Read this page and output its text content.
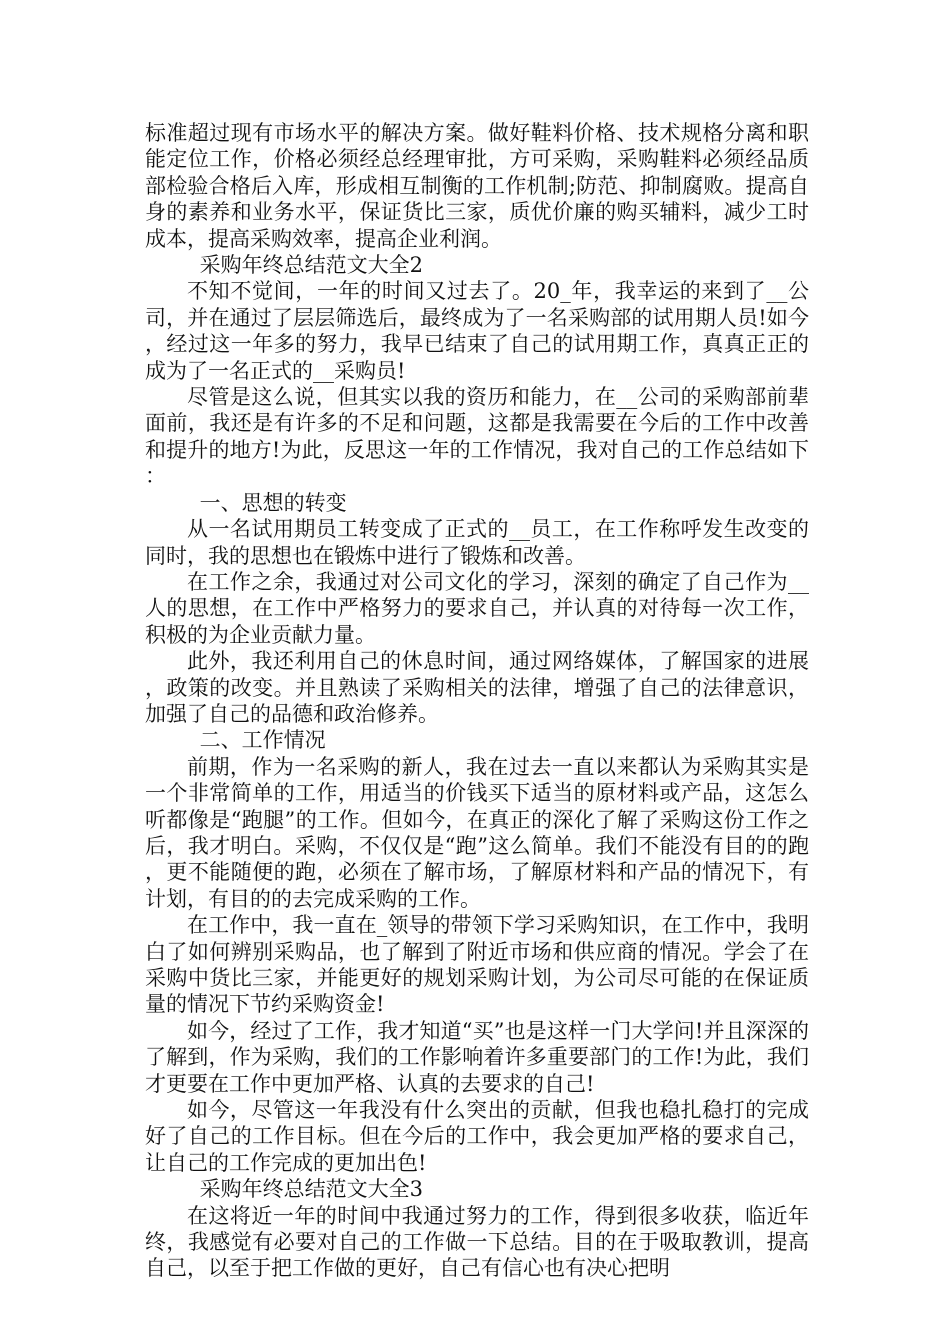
标准超过现有市场水平的解决方案。做好鞋料价格、技术规格分离和职能定位工作，价格必须经总经理审批，方可采购，采购鞋料必须经品质部检验合格后入库，形成相互制衡的工作机制;防范、抑制腐败。提高自身的素养和业务水平，保证货比三家，质优价廉的购买辅料，减少工时成本，提高采购效率，提高企业利润。

采购年终总结范文大全2

不知不觉间，一年的时间又过去了。20_年，我幸运的来到了__公司，并在通过了层层筛选后，最终成为了一名采购部的试用期人员!如今，经过这一年多的努力，我早已结束了自己的试用期工作，真真正正的成为了一名正式的__采购员!

尽管是这么说，但其实以我的资历和能力，在__公司的采购部前辈面前，我还是有许多的不足和问题，这都是我需要在今后的工作中改善和提升的地方!为此，反思这一年的工作情况，我对自己的工作总结如下：

一、思想的转变

从一名试用期员工转变成了正式的__员工，在工作称呼发生改变的同时，我的思想也在锻炼中进行了锻炼和改善。

在工作之余，我通过对公司文化的学习，深刻的确定了自己作为__人的思想，在工作中严格努力的要求自己，并认真的对待每一次工作，积极的为企业贡献力量。

此外，我还利用自己的休息时间，通过网络媒体，了解国家的进展，政策的改变。并且熟读了采购相关的法律，增强了自己的法律意识，加强了自己的品德和政治修养。

二、工作情况

前期，作为一名采购的新人，我在过去一直以来都认为采购其实是一个非常简单的工作，用适当的价钱买下适当的原材料或产品，这怎么听都像是“跑腿”的工作。但如今，在真正的深化了解了采购这份工作之后，我才明白。采购，不仅仅是“跑”这么简单。我们不能没有目的的跑，更不能随便的跑，必须在了解市场，了解原材料和产品的情况下，有计划，有目的的去完成采购的工作。

在工作中，我一直在_领导的带领下学习采购知识，在工作中，我明白了如何辨别采购品，也了解到了附近市场和供应商的情况。学会了在采购中货比三家，并能更好的规划采购计划，为公司尽可能的在保证质量的情况下节约采购资金!

如今，经过了工作，我才知道“买”也是这样一门大学问!并且深深的了解到，作为采购，我们的工作影响着许多重要部门的工作!为此，我们才更要在工作中更加严格、认真的去要求的自己!

如今，尽管这一年我没有什么突出的贡献，但我也稳扎稳打的完成好了自己的工作目标。但在今后的工作中，我会更加严格的要求自己，让自己的工作完成的更加出色!

采购年终总结范文大全3

在这将近一年的时间中我通过努力的工作，得到很多收获，临近年终，我感觉有必要对自己的工作做一下总结。目的在于吸取教训，提高自己，以至于把工作做的更好，自己有信心也有决心把明
